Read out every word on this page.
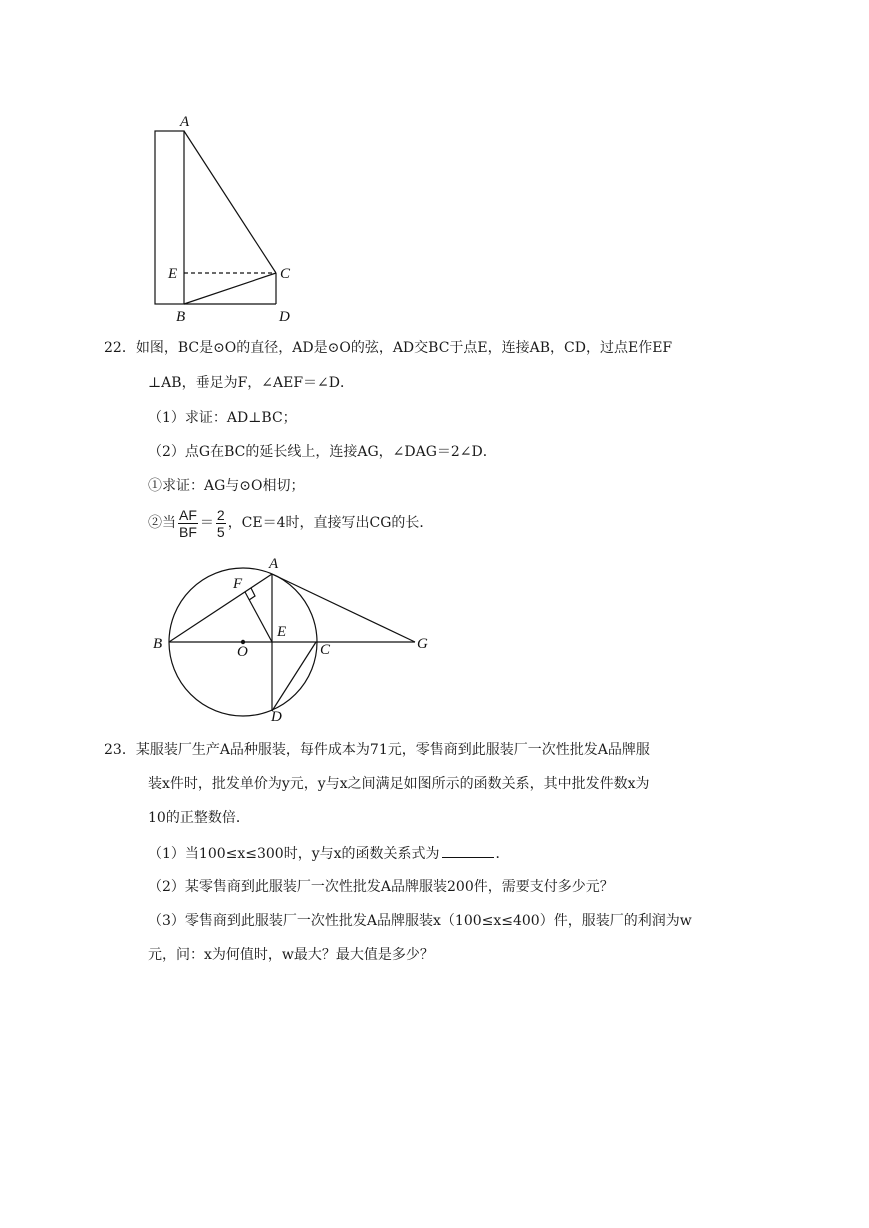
A
E	C
B	D
22．如图，BC是⊙O的直径，AD是⊙O的弦，AD交BC于点E，连接AB，CD，过点E作EF
⊥AB，垂足为F，∠AEF＝∠D．
（1）求证：AD⊥BC；
（2）点G在BC的延长线上，连接AG，∠DAG＝2∠D．
①求证：AG与⊙O相切；
②当 $\frac{AF}{BF} = \frac{2}{5}$ ，CE＝4时，直接写出CG的长．
A
F
B	O
E
C	G
D
23．某服装厂生产A品种服装，每件成本为71元，零售商到此服装厂一次性批发A品牌服
装x件时，批发单价为y元，y与x之间满足如图所示的函数关系，其中批发件数x为
10的正整数倍．
（1）当100≤x≤300时，y与x的函数关系式为	．
（2）某零售商到此服装厂一次性批发A品牌服装200件，需要支付多少元？
（3）零售商到此服装厂一次性批发A品牌服装x（100≤x≤400）件，服装厂的利润为w
元，问：x为何值时，w最大？最大值是多少？
